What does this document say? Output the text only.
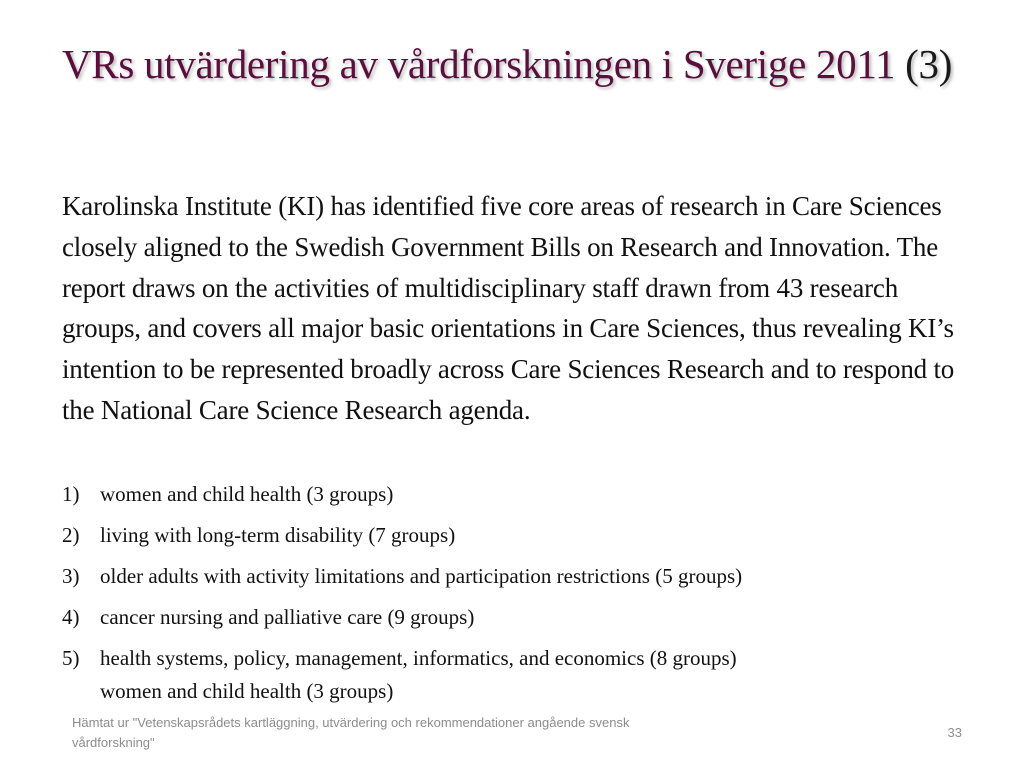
VRs utvärdering av vårdforskningen i Sverige 2011 (3)

Karolinska Institute (KI) has identified five core areas of research in Care Sciences closely aligned to the Swedish Government Bills on Research and Innovation. The report draws on the activities of multidisciplinary staff drawn from 43 research groups, and covers all major basic orientations in Care Sciences, thus revealing KI’s intention to be represented broadly across Care Sciences Research and to respond to the National Care Science Research agenda.

1) women and child health (3 groups)
2) living with long-term disability (7 groups)
3) older adults with activity limitations and participation restrictions (5 groups)
4) cancer nursing and palliative care (9 groups)
5) health systems, policy, management, informatics, and economics (8 groups)
women and child health (3 groups)
Hämtat ur "Vetenskapsrådets kartläggning, utvärdering och rekommendationer angående svensk vårdforskning"
33
